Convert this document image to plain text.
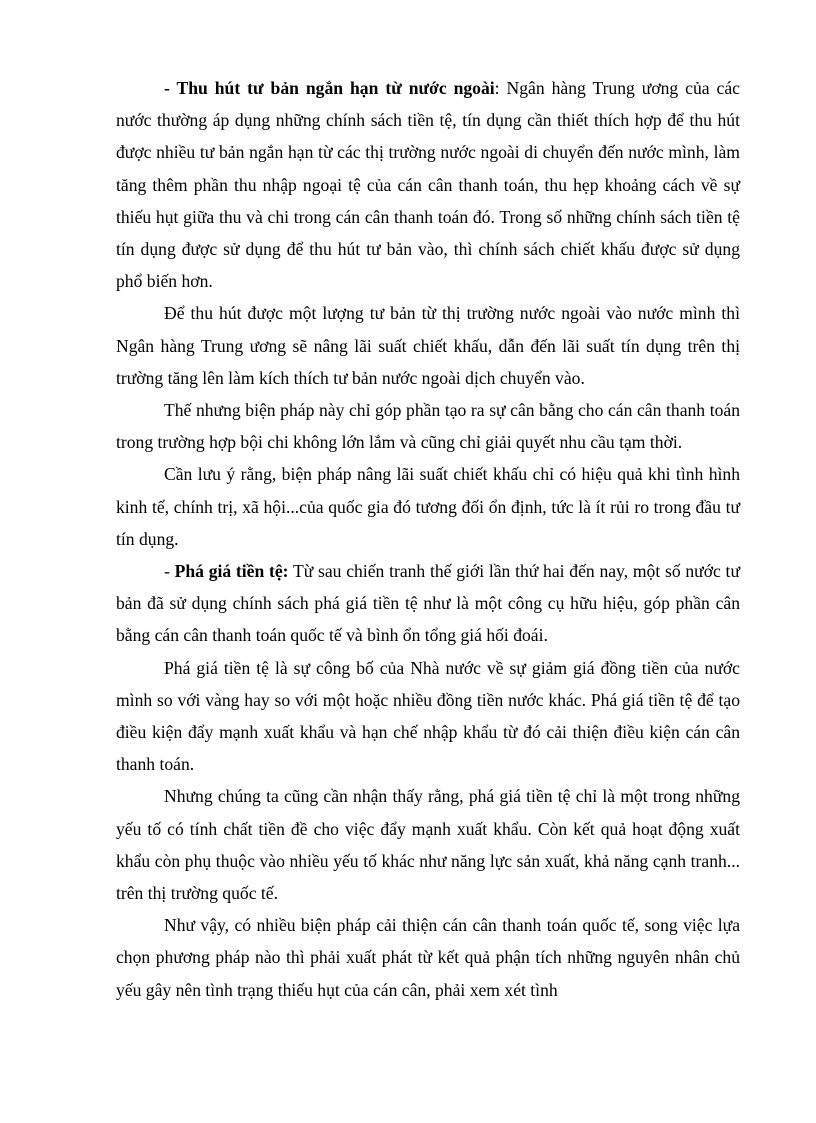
- Thu hút tư bản ngắn hạn từ nước ngoài: Ngân hàng Trung ương của các nước thường áp dụng những chính sách tiền tệ, tín dụng cần thiết thích hợp để thu hút được nhiều tư bản ngắn hạn từ các thị trường nước ngoài di chuyển đến nước mình, làm tăng thêm phần thu nhập ngoại tệ của cán cân thanh toán, thu hẹp khoảng cách về sự thiếu hụt giữa thu và chi trong cán cân thanh toán đó. Trong số những chính sách tiền tệ tín dụng được sử dụng để thu hút tư bản vào, thì chính sách chiết khấu được sử dụng phổ biến hơn.

Để thu hút được một lượng tư bản từ thị trường nước ngoài vào nước mình thì Ngân hàng Trung ương sẽ nâng lãi suất chiết khấu, dẫn đến lãi suất tín dụng trên thị trường tăng lên làm kích thích tư bản nước ngoài dịch chuyển vào.

Thế nhưng biện pháp này chỉ góp phần tạo ra sự cân bằng cho cán cân thanh toán trong trường hợp bội chi không lớn lắm và cũng chỉ giải quyết nhu cầu tạm thời.

Cần lưu ý rằng, biện pháp nâng lãi suất chiết khấu chỉ có hiệu quả khi tình hình kinh tế, chính trị, xã hội...của quốc gia đó tương đối ổn định, tức là ít rủi ro trong đầu tư tín dụng.

- Phá giá tiền tệ: Từ sau chiến tranh thế giới lần thứ hai đến nay, một số nước tư bản đã sử dụng chính sách phá giá tiền tệ như là một công cụ hữu hiệu, góp phần cân bằng cán cân thanh toán quốc tế và bình ổn tổng giá hối đoái.

Phá giá tiền tệ là sự công bố của Nhà nước về sự giảm giá đồng tiền của nước mình so với vàng hay so với một hoặc nhiều đồng tiền nước khác. Phá giá tiền tệ để tạo điều kiện đẩy mạnh xuất khẩu và hạn chế nhập khẩu từ đó cải thiện điều kiện cán cân thanh toán.

Nhưng chúng ta cũng cần nhận thấy rằng, phá giá tiền tệ chỉ là một trong những yếu tố có tính chất tiền đề cho việc đẩy mạnh xuất khẩu. Còn kết quả hoạt động xuất khẩu còn phụ thuộc vào nhiều yếu tố khác như năng lực sản xuất, khả năng cạnh tranh... trên thị trường quốc tế.

Như vậy, có nhiều biện pháp cải thiện cán cân thanh toán quốc tế, song việc lựa chọn phương pháp nào thì phải xuất phát từ kết quả phận tích những nguyên nhân chủ yếu gây nên tình trạng thiếu hụt của cán cân, phải xem xét tình
